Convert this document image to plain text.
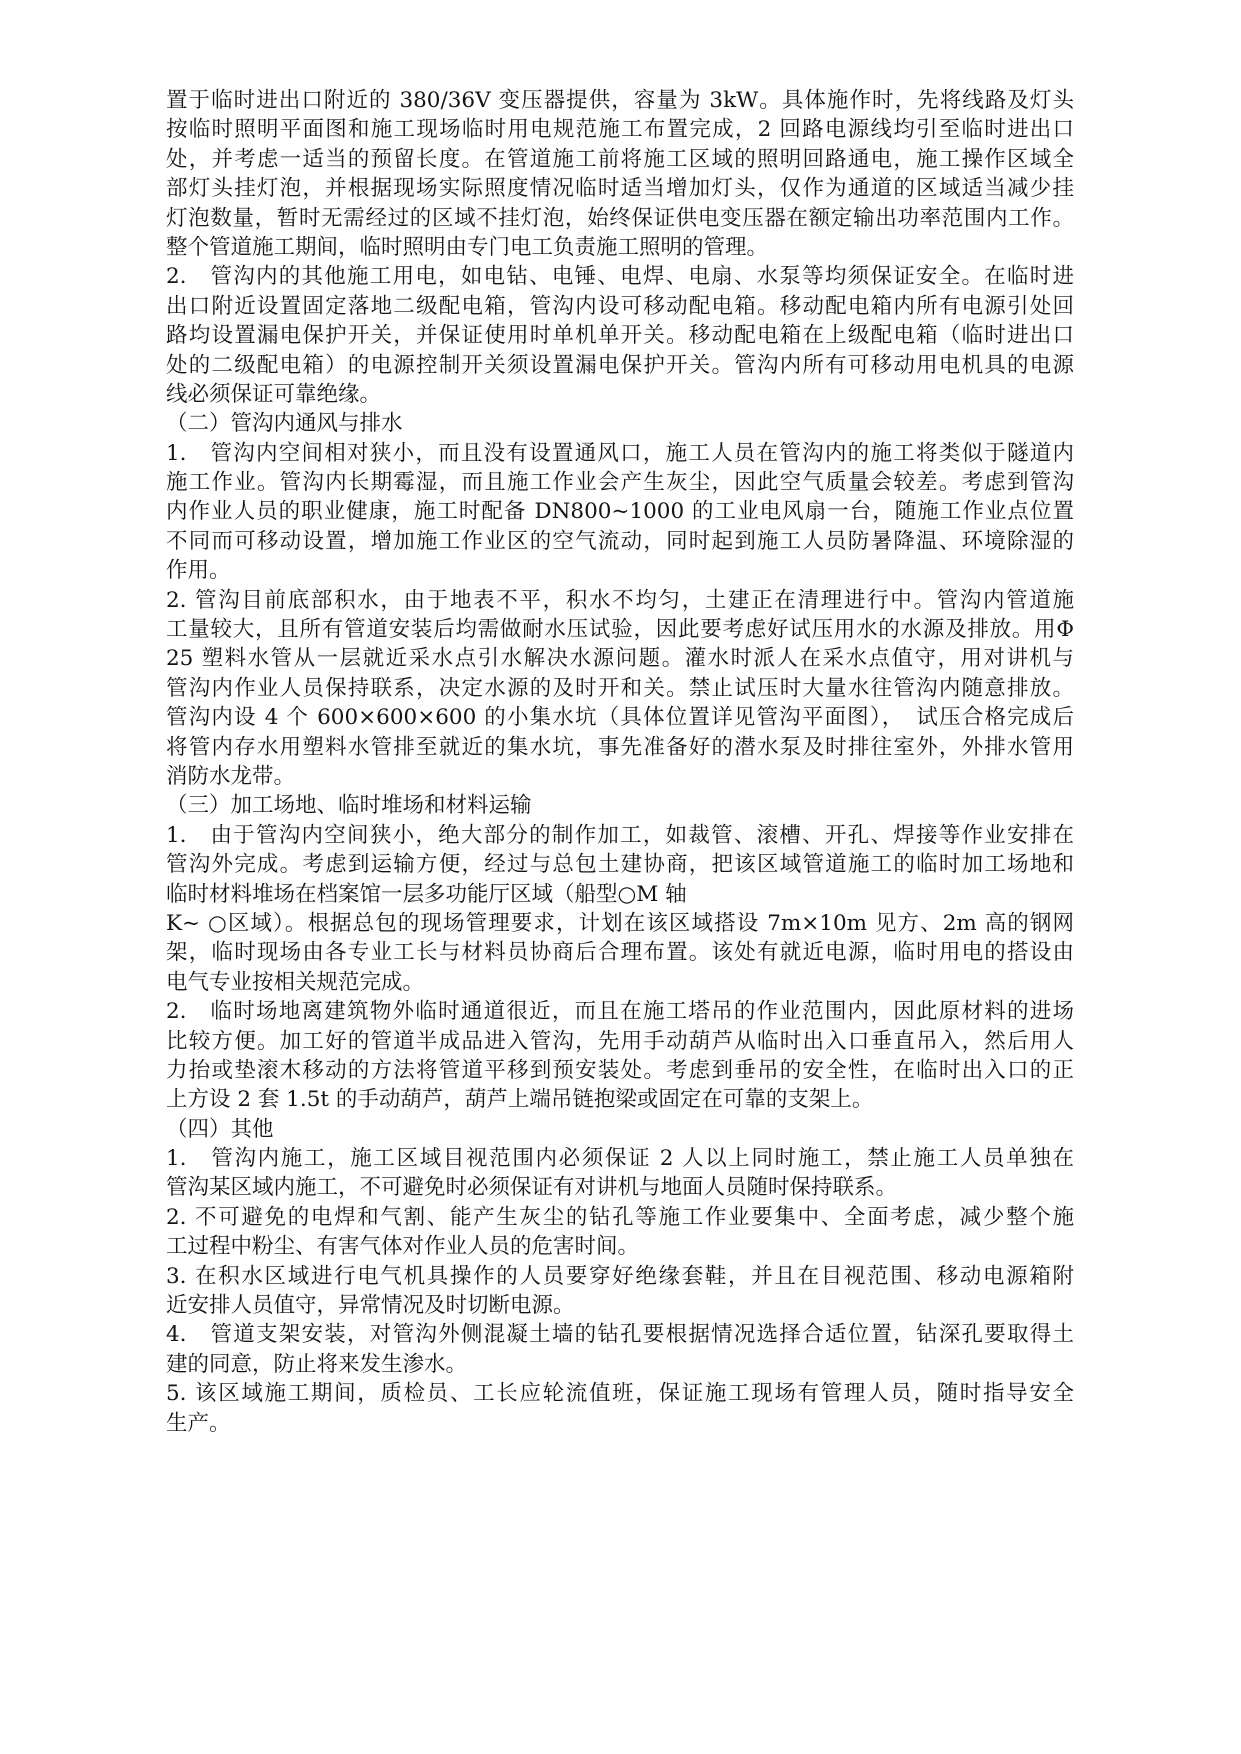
置于临时进出口附近的 380/36V 变压器提供，容量为 3kW。具体施作时，先将线路及灯头
按临时照明平面图和施工现场临时用电规范施工布置完成，2 回路电源线均引至临时进出口
处，并考虑一适当的预留长度。在管道施工前将施工区域的照明回路通电，施工操作区域全
部灯头挂灯泡，并根据现场实际照度情况临时适当增加灯头，仅作为通道的区域适当减少挂
灯泡数量，暂时无需经过的区域不挂灯泡，始终保证供电变压器在额定输出功率范围内工作。
整个管道施工期间，临时照明由专门电工负责施工照明的管理。
2.　管沟内的其他施工用电，如电钻、电锤、电焊、电扇、水泵等均须保证安全。在临时进
出口附近设置固定落地二级配电箱，管沟内设可移动配电箱。移动配电箱内所有电源引处回
路均设置漏电保护开关，并保证使用时单机单开关。移动配电箱在上级配电箱（临时进出口
处的二级配电箱）的电源控制开关须设置漏电保护开关。管沟内所有可移动用电机具的电源
线必须保证可靠绝缘。
（二）管沟内通风与排水
1.　管沟内空间相对狭小，而且没有设置通风口，施工人员在管沟内的施工将类似于隧道内
施工作业。管沟内长期霉湿，而且施工作业会产生灰尘，因此空气质量会较差。考虑到管沟
内作业人员的职业健康，施工时配备 DN800~1000 的工业电风扇一台，随施工作业点位置
不同而可移动设置，增加施工作业区的空气流动，同时起到施工人员防暑降温、环境除湿的
作用。
2. 管沟目前底部积水，由于地表不平，积水不均匀，土建正在清理进行中。管沟内管道施
工量较大，且所有管道安装后均需做耐水压试验，因此要考虑好试压用水的水源及排放。用Φ
25 塑料水管从一层就近采水点引水解决水源问题。灌水时派人在采水点值守，用对讲机与
管沟内作业人员保持联系，决定水源的及时开和关。禁止试压时大量水往管沟内随意排放。
管沟内设 4 个 600×600×600 的小集水坑（具体位置详见管沟平面图），　试压合格完成后
将管内存水用塑料水管排至就近的集水坑，事先准备好的潜水泵及时排往室外，外排水管用
消防水龙带。
（三）加工场地、临时堆场和材料运输
1.　由于管沟内空间狭小，绝大部分的制作加工，如裁管、滚槽、开孔、焊接等作业安排在
管沟外完成。考虑到运输方便，经过与总包土建协商，把该区域管道施工的临时加工场地和
临时材料堆场在档案馆一层多功能厅区域（船型○M 轴
K~ ○区域）。根据总包的现场管理要求，计划在该区域搭设 7m×10m 见方、2m 高的钢网
架，临时现场由各专业工长与材料员协商后合理布置。该处有就近电源，临时用电的搭设由
电气专业按相关规范完成。
2.　临时场地离建筑物外临时通道很近，而且在施工塔吊的作业范围内，因此原材料的进场
比较方便。加工好的管道半成品进入管沟，先用手动葫芦从临时出入口垂直吊入，然后用人
力抬或垫滚木移动的方法将管道平移到预安装处。考虑到垂吊的安全性，在临时出入口的正
上方设 2 套 1.5t 的手动葫芦，葫芦上端吊链抱梁或固定在可靠的支架上。
（四）其他
1.　管沟内施工，施工区域目视范围内必须保证 2 人以上同时施工，禁止施工人员单独在
管沟某区域内施工，不可避免时必须保证有对讲机与地面人员随时保持联系。
2. 不可避免的电焊和气割、能产生灰尘的钻孔等施工作业要集中、全面考虑，减少整个施
工过程中粉尘、有害气体对作业人员的危害时间。
3. 在积水区域进行电气机具操作的人员要穿好绝缘套鞋，并且在目视范围、移动电源箱附
近安排人员值守，异常情况及时切断电源。
4.　管道支架安装，对管沟外侧混凝土墙的钻孔要根据情况选择合适位置，钻深孔要取得土
建的同意，防止将来发生渗水。
5. 该区域施工期间，质检员、工长应轮流值班，保证施工现场有管理人员，随时指导安全
生产。
